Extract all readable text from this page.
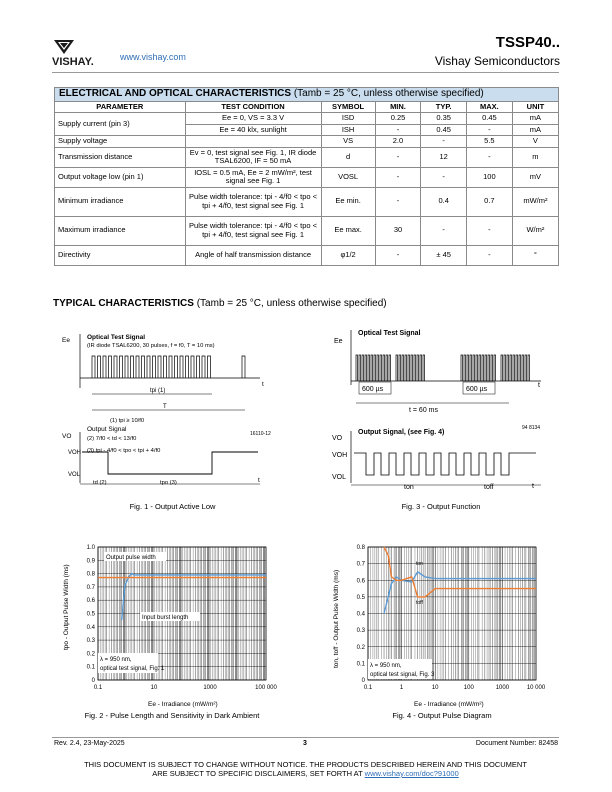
VISHAY.	www.vishay.com
TSSP40..
Vishay Semiconductors
ELECTRICAL AND OPTICAL CHARACTERISTICS (Tamb = 25 °C, unless otherwise specified)						
PARAMETER	TEST CONDITION	SYMBOL	MIN.	TYP.	MAX.	UNIT
Supply current (pin 3)	Ee = 0, VS = 3.3 V	ISD	0.25	0.35	0.45	mA
	Ee = 40 klx, sunlight	ISH	-	0.45	-	mA
Supply voltage		VS	2.0	-	5.5	V
Transmission distance	Ev = 0, test signal see Fig. 1, IR diode TSAL6200, IF = 50 mA	d	-	12	-	m
Output voltage low (pin 1)	IOSL = 0.5 mA, Ee = 2 mW/m², test signal see Fig. 1	VOSL	-	-	100	mV
Minimum irradiance	Pulse width tolerance: tpi - 4/f0 < tpo < tpi + 4/f0, test signal see Fig. 1	Ee min.	-	0.4	0.7	mW/m²
Maximum irradiance	Pulse width tolerance: tpi - 4/f0 < tpo < tpi + 4/f0, test signal see Fig. 1	Ee max.	30	-	-	W/m²
Directivity	Angle of half transmission distance	φ1/2	-	± 45	-	°
TYPICAL CHARACTERISTICS (Tamb = 25 °C, unless otherwise specified)
Ee	Optical Test Signal
(IR diode TSAL6200, 30 pulses, f = f0, T = 10 ms)
t
tpi (1)
T
(1) tpi ≥ 10/f0
VO
Output Signal
(2) 7/f0 < td < 13/f0
(3) tpi - 4/f0 < tpo < tpi + 4/f0
16110-12
VOH
VOL
t
td (2)	tpo (3)
Fig. 1 - Output Active Low
Ee
Optical Test Signal
t
600 µs	600 µs
t = 60 ms
94 8134
VO
Output Signal, (see Fig. 4)
VOH
VOL
ton	toff	t
Fig. 3 - Output Function
1.0
0.9
0.8
0.7
0.6
0.5
0.4
0.3
0.2
0.1
0
0.1	10	1000	100 000
tpo - Output Pulse Width (ms)
Ee - Irradiance (mW/m²)
Output pulse width
Input burst length
λ = 950 nm,
optical test signal, Fig. 1
Fig. 2 - Pulse Length and Sensitivity in Dark Ambient
0.8
0.7
0.6
0.5
0.4
0.3
0.2
0.1
0
0.1	1	10	100	1000	10 000
ton, toff - Output Pulse Width (ms)
Ee - Irradiance (mW/m²)
ton
toff
λ = 950 nm,
optical test signal, Fig. 3
Fig. 4 - Output Pulse Diagram
Rev. 2.4, 23-May-2025	3	Document Number: 82458
THIS DOCUMENT IS SUBJECT TO CHANGE WITHOUT NOTICE. THE PRODUCTS DESCRIBED HEREIN AND THIS DOCUMENT
ARE SUBJECT TO SPECIFIC DISCLAIMERS, SET FORTH AT www.vishay.com/doc?91000
